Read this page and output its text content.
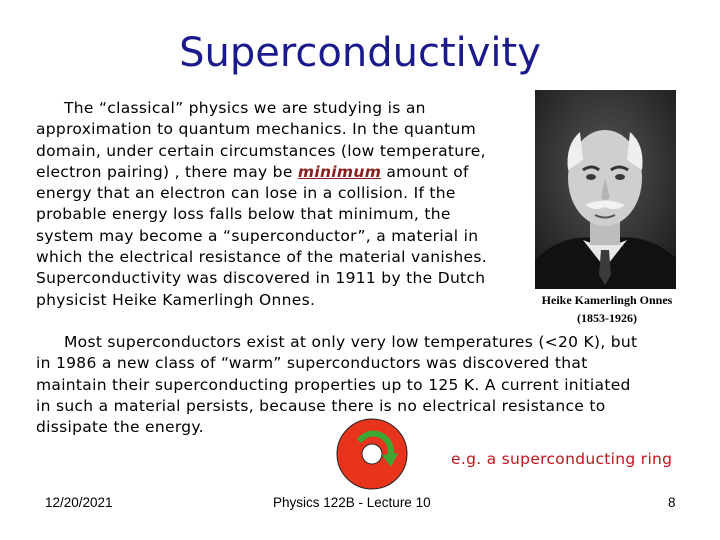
Superconductivity
The “classical” physics we are studying is an
approximation to quantum mechanics. In the quantum
domain, under certain circumstances (low temperature,
electron pairing) , there may be minimum amount of
energy that an electron can lose in a collision. If the
probable energy loss falls below that minimum, the
system may become a “superconductor”, a material in
which the electrical resistance of the material vanishes.
Superconductivity was discovered in 1911 by the Dutch
physicist Heike Kamerlingh Onnes.	Heike Kamerlingh Onnes
(1853-1926)
Most superconductors exist at only very low temperatures (<20 K), but
in 1986 a new class of “warm” superconductors was discovered that
maintain their superconducting properties up to 125 K. A current initiated
in such a material persists, because there is no electrical resistance to
dissipate the energy.
e.g. a superconducting ring
12/20/2021	Physics 122B - Lecture 10	8
